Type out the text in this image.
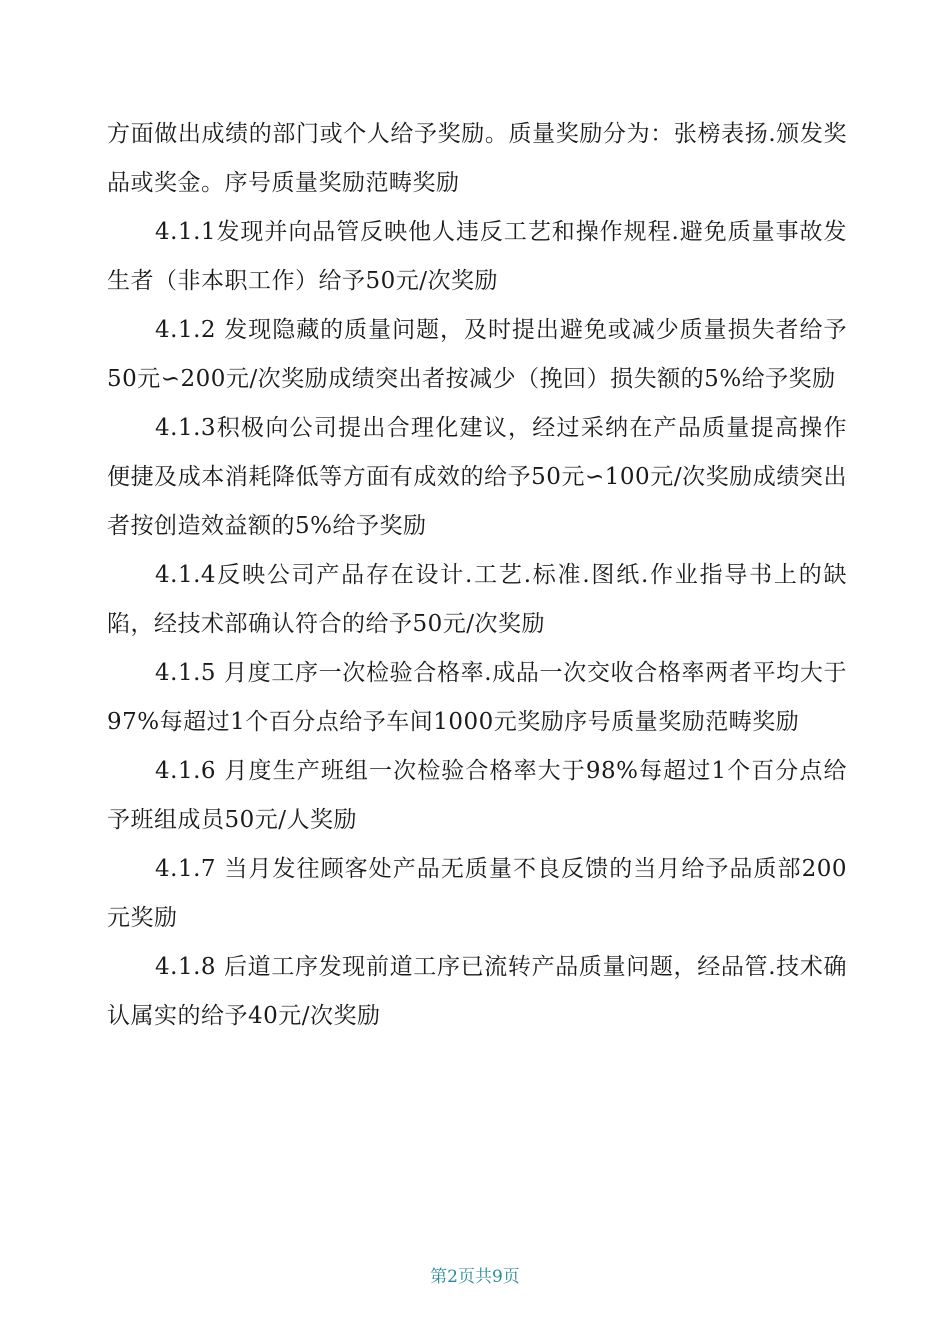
方面做出成绩的部门或个人给予奖励。质量奖励分为：张榜表扬.颁发奖品或奖金。序号质量奖励范畴奖励

4.1.1发现并向品管反映他人违反工艺和操作规程.避免质量事故发生者（非本职工作）给予50元/次奖励

4.1.2 发现隐藏的质量问题，及时提出避免或减少质量损失者给予50元∽200元/次奖励成绩突出者按减少（挽回）损失额的5%给予奖励

4.1.3积极向公司提出合理化建议，经过采纳在产品质量提高操作便捷及成本消耗降低等方面有成效的给予50元∽100元/次奖励成绩突出者按创造效益额的5%给予奖励

4.1.4反映公司产品存在设计.工艺.标准.图纸.作业指导书上的缺陷，经技术部确认符合的给予50元/次奖励

4.1.5 月度工序一次检验合格率.成品一次交收合格率两者平均大于97%每超过1个百分点给予车间1000元奖励序号质量奖励范畴奖励

4.1.6 月度生产班组一次检验合格率大于98%每超过1个百分点给予班组成员50元/人奖励

4.1.7 当月发往顾客处产品无质量不良反馈的当月给予品质部200元奖励

4.1.8 后道工序发现前道工序已流转产品质量问题，经品管.技术确认属实的给予40元/次奖励

第2页共9页
